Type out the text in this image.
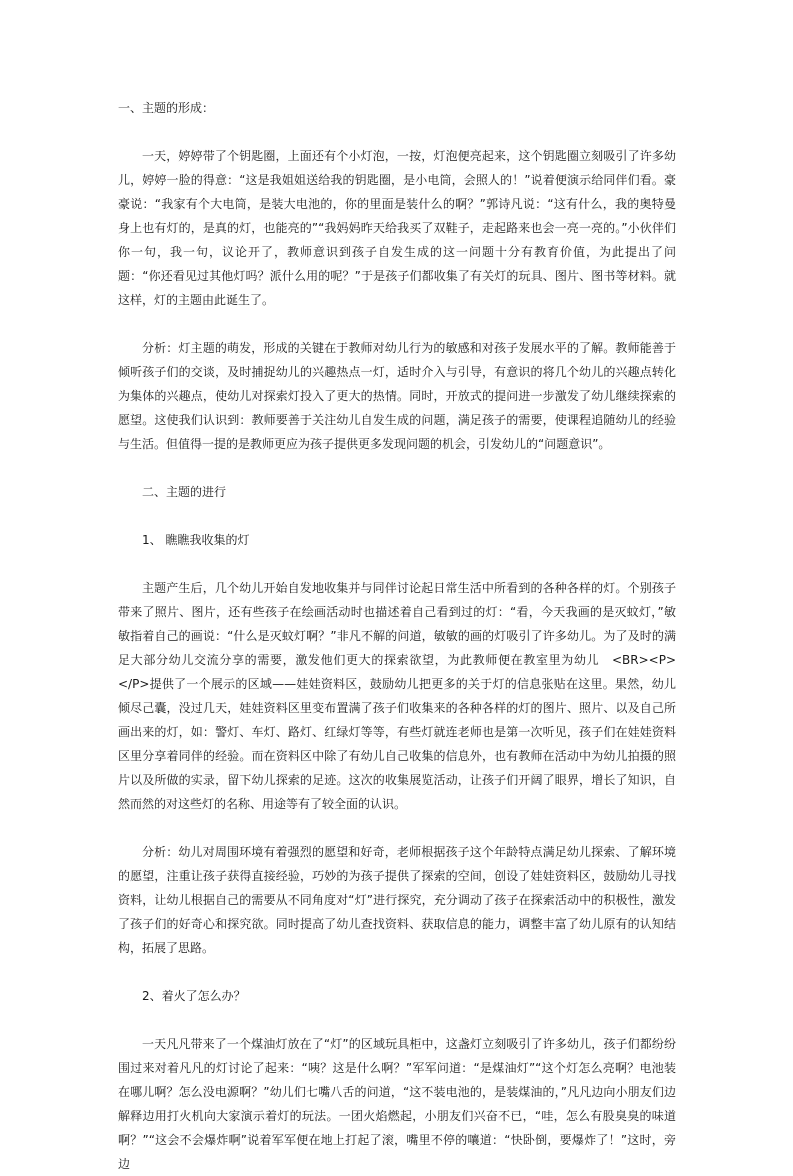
一、主题的形成：

一天，婷婷带了个钥匙圈，上面还有个小灯泡，一按，灯泡便亮起来，这个钥匙圈立刻吸引了许多幼儿，婷婷一脸的得意：“这是我姐姐送给我的钥匙圈，是小电筒，会照人的！”说着便演示给同伴们看。豪豪说：“我家有个大电筒，是装大电池的，你的里面是装什么的啊？”郭诗凡说：“这有什么，我的奥特曼身上也有灯的，是真的灯，也能亮的”“我妈妈昨天给我买了双鞋子，走起路来也会一亮一亮的。”小伙伴们你一句，我一句，议论开了，教师意识到孩子自发生成的这一问题十分有教育价值，为此提出了问题：“你还看见过其他灯吗？派什么用的呢？”于是孩子们都收集了有关灯的玩具、图片、图书等材料。就这样，灯的主题由此诞生了。

分析：灯主题的萌发，形成的关键在于教师对幼儿行为的敏感和对孩子发展水平的了解。教师能善于倾听孩子们的交谈，及时捕捉幼儿的兴趣热点一灯，适时介入与引导，有意识的将几个幼儿的兴趣点转化为集体的兴趣点，使幼儿对探索灯投入了更大的热情。同时，开放式的提问进一步激发了幼儿继续探索的愿望。这使我们认识到：教师要善于关注幼儿自发生成的问题，满足孩子的需要，使课程追随幼儿的经验与生活。但值得一提的是教师更应为孩子提供更多发现问题的机会，引发幼儿的“问题意识”。

二、主题的进行

1、 瞧瞧我收集的灯

主题产生后，几个幼儿开始自发地收集并与同伴讨论起日常生活中所看到的各种各样的灯。个别孩子带来了照片、图片，还有些孩子在绘画活动时也描述着自己看到过的灯：“看，今天我画的是灭蚊灯，”敏敏指着自己的画说：“什么是灭蚊灯啊？”非凡不解的问道，敏敏的画的灯吸引了许多幼儿。为了及时的满足大部分幼儿交流分享的需要，激发他们更大的探索欲望，为此教师便在教室里为幼儿　<BR><P></P>提供了一个展示的区域——娃娃资料区，鼓励幼儿把更多的关于灯的信息张贴在这里。果然，幼儿倾尽己囊，没过几天，娃娃资料区里变布置满了孩子们收集来的各种各样的灯的图片、照片、以及自己所画出来的灯，如：警灯、车灯、路灯、红绿灯等等，有些灯就连老师也是第一次听见，孩子们在娃娃资料区里分享着同伴的经验。而在资料区中除了有幼儿自己收集的信息外，也有教师在活动中为幼儿拍摄的照片以及所做的实录，留下幼儿探索的足迹。这次的收集展览活动，让孩子们开阔了眼界，增长了知识，自然而然的对这些灯的名称、用途等有了较全面的认识。

分析：幼儿对周围环境有着强烈的愿望和好奇，老师根据孩子这个年龄特点满足幼儿探索、了解环境的愿望，注重让孩子获得直接经验，巧妙的为孩子提供了探索的空间，创设了娃娃资料区，鼓励幼儿寻找资料，让幼儿根据自己的需要从不同角度对“灯”进行探究，充分调动了孩子在探索活动中的积极性，激发了孩子们的好奇心和探究欲。同时提高了幼儿查找资料、获取信息的能力，调整丰富了幼儿原有的认知结构，拓展了思路。

2、着火了怎么办？

一天凡凡带来了一个煤油灯放在了“灯”的区域玩具柜中，这盏灯立刻吸引了许多幼儿，孩子们都纷纷围过来对着凡凡的灯讨论了起来：“咦？这是什么啊？”军军问道：“是煤油灯”“这个灯怎么亮啊？电池装在哪儿啊？怎么没电源啊？”幼儿们七嘴八舌的问道，“这不装电池的，是装煤油的，”凡凡边向小朋友们边解释边用打火机向大家演示着灯的玩法。一团火焰燃起，小朋友们兴奋不已，“哇，怎么有股臭臭的味道啊？”“这会不会爆炸啊”说着军军便在地上打起了滚，嘴里不停的嚷道：“快卧倒，要爆炸了！”这时，旁边
